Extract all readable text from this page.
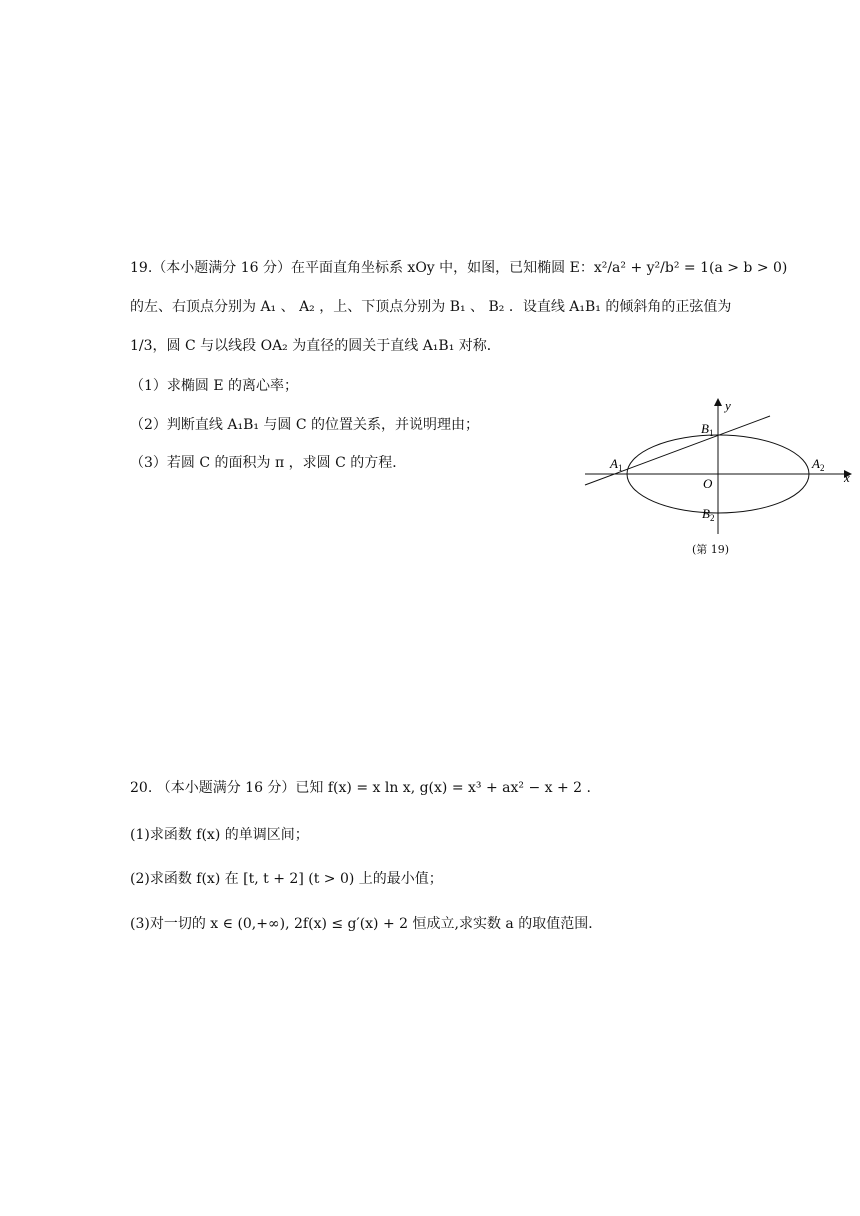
19.（本小题满分 16 分）在平面直角坐标系 xOy 中，如图，已知椭圆 E：x²/a² + y²/b² = 1(a > b > 0)
的左、右顶点分别为 A₁ 、 A₂ ，上、下顶点分别为 B₁ 、 B₂ ．设直线 A₁B₁ 的倾斜角的正弦值为
1/3，圆 C 与以线段 OA₂ 为直径的圆关于直线 A₁B₁ 对称．
（1）求椭圆 E 的离心率；
（2）判断直线 A₁B₁ 与圆 C 的位置关系，并说明理由；
（3）若圆 C 的面积为 π ，求圆 C 的方程．
y
x
$B_1$
$B_2$
$A_1$	$A_2$
O
(第 19)
20. （本小题满分 16 分）已知 f(x) = x ln x, g(x) = x³ + ax² − x + 2 .
(1)求函数 f(x) 的单调区间；
(2)求函数 f(x) 在 [t, t + 2] (t > 0) 上的最小值；
(3)对一切的 x ∈ (0,+∞), 2f(x) ≤ g′(x) + 2 恒成立,求实数 a 的取值范围．
